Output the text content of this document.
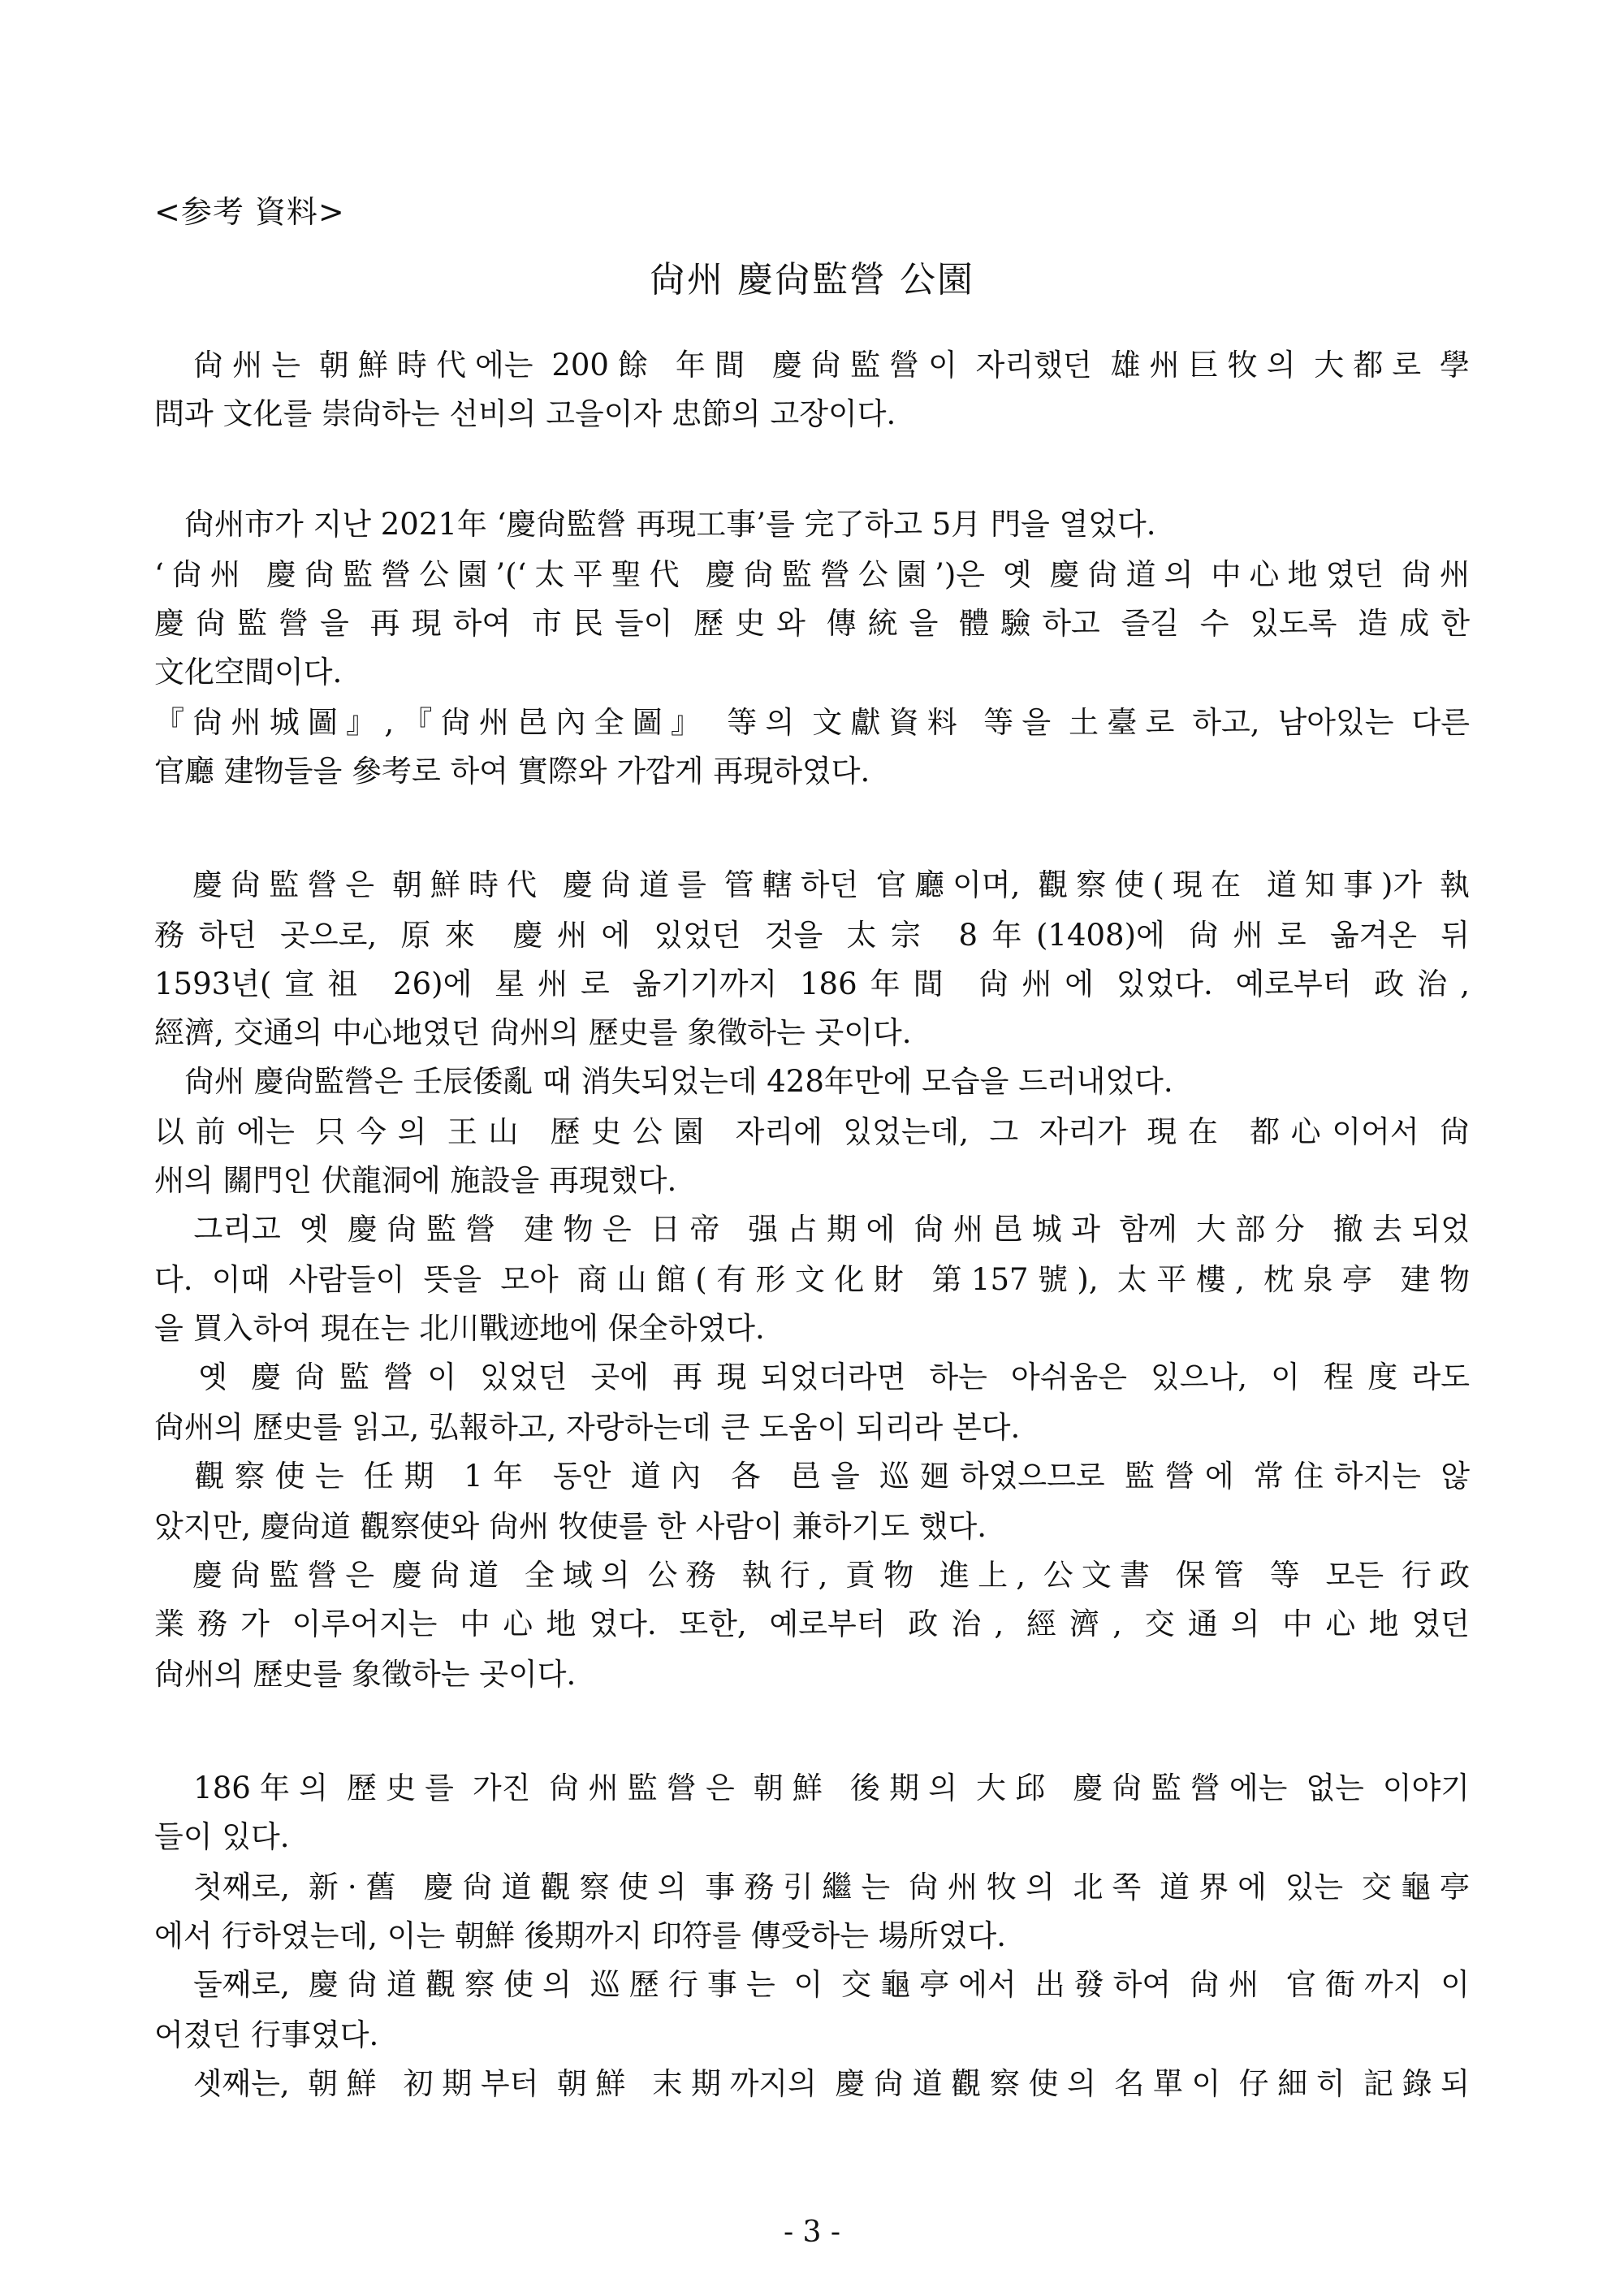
<参考 資料>
尙州 慶尙監營 公園
　尙州는 朝鮮時代에는 200餘 年間 慶尙監營이 자리했던 雄州巨牧의 大都로 學
問과 文化를 崇尙하는 선비의 고을이자 忠節의 고장이다.
　尙州市가 지난 2021年 ‘慶尙監營 再現工事’를 完了하고 5月 門을 열었다.
‘尙州 慶尙監營公園’(‘太平聖代 慶尙監營公園’)은 옛 慶尙道의 中心地였던 尙州
慶尙監營을 再現하여 市民들이 歷史와 傳統을 體驗하고 즐길 수 있도록 造成한
文化空間이다.
『尙州城圖』,『尙州邑內全圖』 等의 文獻資料 等을 土臺로 하고, 남아있는 다른
官廳 建物들을 參考로 하여 實際와 가깝게 再現하였다.
　慶尙監營은 朝鮮時代 慶尙道를 管轄하던 官廳이며, 觀察使(現在 道知事)가 執
務하던 곳으로, 原來 慶州에 있었던 것을 太宗 8年(1408)에 尙州로 옮겨온 뒤
1593년(宣祖 26)에 星州로 옮기기까지 186年間 尙州에 있었다. 예로부터 政治,
經濟, 交通의 中心地였던 尙州의 歷史를 象徵하는 곳이다.
　尙州 慶尙監營은 壬辰倭亂 때 消失되었는데 428年만에 모습을 드러내었다.
以前에는 只今의 王山 歷史公園 자리에 있었는데, 그 자리가 現在 都心이어서 尙
州의 關門인 伏龍洞에 施設을 再現했다.
　그리고 옛 慶尙監營 建物은 日帝 强占期에 尙州邑城과 함께 大部分 撤去되었
다. 이때 사람들이 뜻을 모아 商山館(有形文化財 第157號), 太平樓, 枕泉亭 建物
을 買入하여 現在는 北川戰迹地에 保全하였다.
　옛 慶尙監營이 있었던 곳에 再現되었더라면 하는 아쉬움은 있으나, 이 程度라도
尙州의 歷史를 읽고, 弘報하고, 자랑하는데 큰 도움이 되리라 본다.
　觀察使는 任期 1年 동안 道內 各 邑을 巡廻하였으므로 監營에 常住하지는 않
았지만, 慶尙道 觀察使와 尙州 牧使를 한 사람이 兼하기도 했다.
　慶尙監營은 慶尙道 全域의 公務 執行, 貢物 進上, 公文書 保管 等 모든 行政
業務가 이루어지는 中心地였다. 또한, 예로부터 政治, 經濟, 交通의 中心地였던
尙州의 歷史를 象徵하는 곳이다.
　186年의 歷史를 가진 尙州監營은 朝鮮 後期의 大邱 慶尙監營에는 없는 이야기
들이 있다.
　첫째로, 新·舊 慶尙道觀察使의 事務引繼는 尙州牧의 北쪽 道界에 있는 交龜亭
에서 行하였는데, 이는 朝鮮 後期까지 印符를 傳受하는 場所였다.
　둘째로, 慶尙道觀察使의 巡歷行事는 이 交龜亭에서 出發하여 尙州 官衙까지 이
어졌던 行事였다.
　셋째는, 朝鮮 初期부터 朝鮮 末期까지의 慶尙道觀察使의 名單이 仔細히 記錄되
- 3 -
